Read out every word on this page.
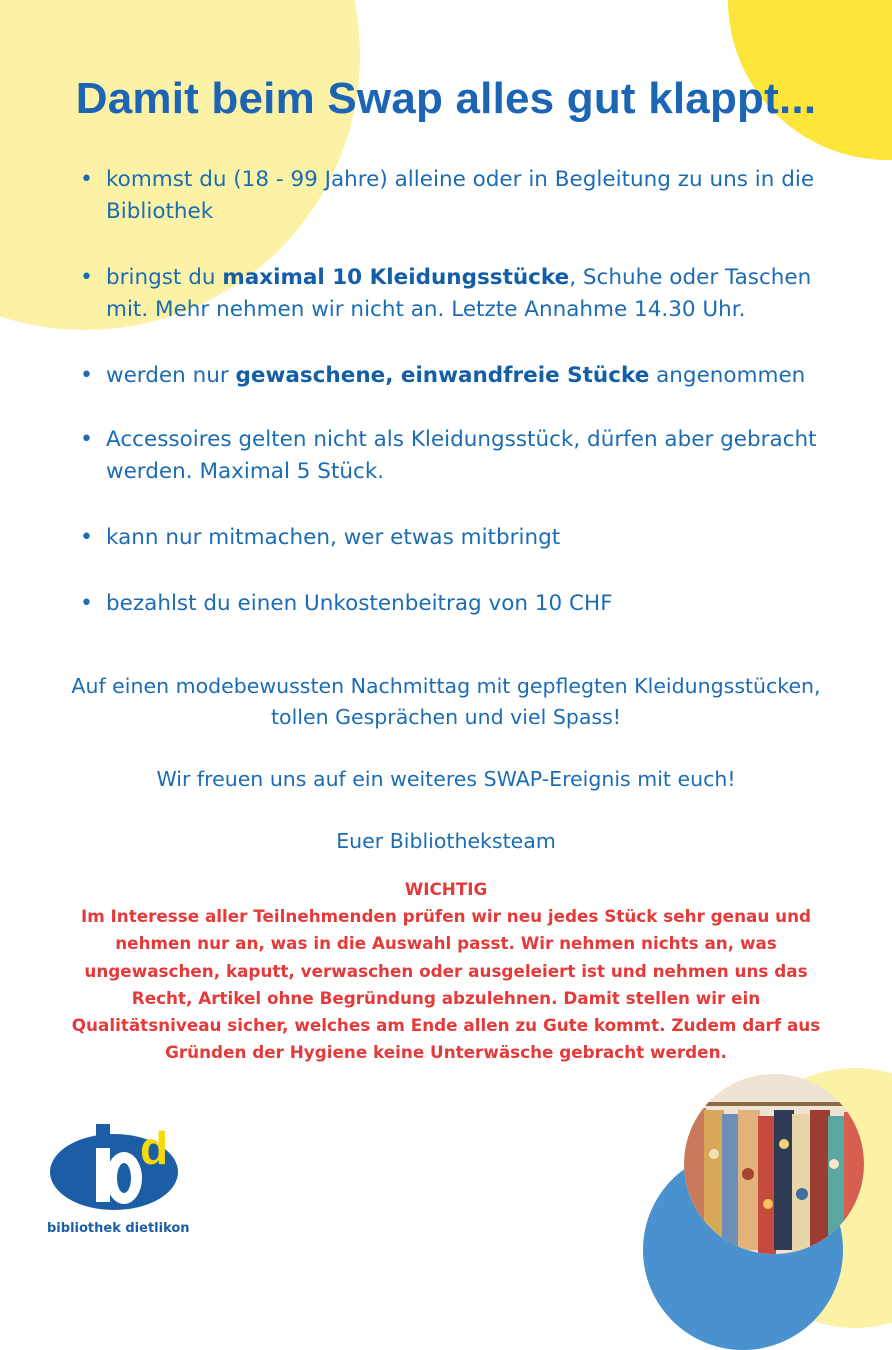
Damit beim Swap alles gut klappt...
• kommst du (18 - 99 Jahre) alleine oder in Begleitung zu uns in die Bibliothek
• bringst du maximal 10 Kleidungsstücke, Schuhe oder Taschen mit. Mehr nehmen wir nicht an. Letzte Annahme 14.30 Uhr.
• werden nur gewaschene, einwandfreie Stücke angenommen
• Accessoires gelten nicht als Kleidungsstück, dürfen aber gebracht werden. Maximal 5 Stück.
• kann nur mitmachen, wer etwas mitbringt
• bezahlst du einen Unkostenbeitrag von 10 CHF

Auf einen modebewussten Nachmittag mit gepflegten Kleidungsstücken,

tollen Gesprächen und viel Spass!

Wir freuen uns auf ein weiteres SWAP-Ereignis mit euch!

Euer Bibliotheksteam

WICHTIG
Im Interesse aller Teilnehmenden prüfen wir neu jedes Stück sehr genau und
nehmen nur an, was in die Auswahl passt. Wir nehmen nichts an, was
ungewaschen, kaputt, verwaschen oder ausgeleiert ist und nehmen uns das
Recht, Artikel ohne Begründung abzulehnen. Damit stellen wir ein
Qualitätsniveau sicher, welches am Ende allen zu Gute kommt. Zudem darf aus
Gründen der Hygiene keine Unterwäsche gebracht werden.
d

bibliothek dietlikon
